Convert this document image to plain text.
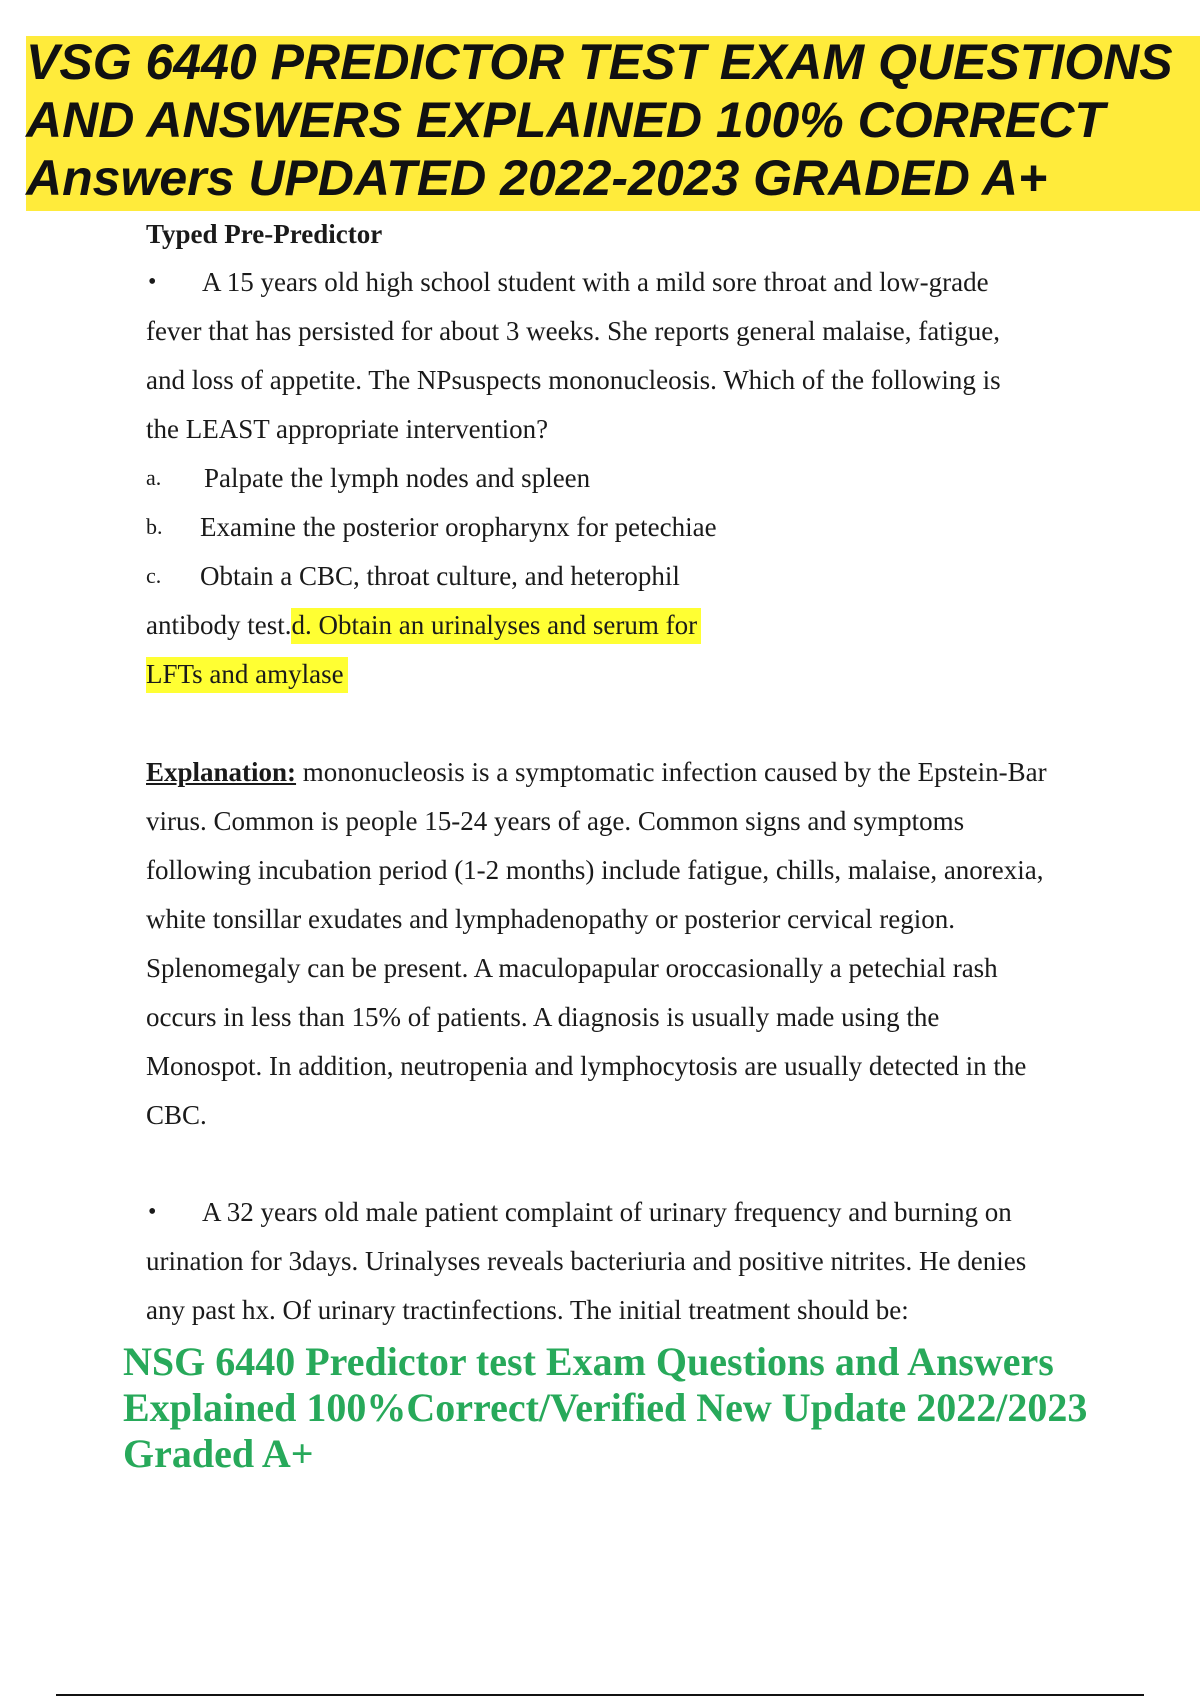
VSG 6440 PREDICTOR TEST EXAM QUESTIONS
AND ANSWERS EXPLAINED 100% CORRECT
Answers UPDATED 2022-2023 GRADED A+
Typed Pre-Predictor
• A 15 years old high school student with a mild sore throat and low-grade
fever that has persisted for about 3 weeks. She reports general malaise, fatigue,
and loss of appetite. The NPsuspects mononucleosis. Which of the following is
the LEAST appropriate intervention?
a. Palpate the lymph nodes and spleen
b. Examine the posterior oropharynx for petechiae
c. Obtain a CBC, throat culture, and heterophil
antibody test.d. Obtain an urinalyses and serum for
LFTs and amylase
Explanation: mononucleosis is a symptomatic infection caused by the Epstein-Bar
virus. Common is people 15-24 years of age. Common signs and symptoms
following incubation period (1-2 months) include fatigue, chills, malaise, anorexia,
white tonsillar exudates and lymphadenopathy or posterior cervical region.
Splenomegaly can be present. A maculopapular oroccasionally a petechial rash
occurs in less than 15% of patients. A diagnosis is usually made using the
Monospot. In addition, neutropenia and lymphocytosis are usually detected in the
CBC.
• A 32 years old male patient complaint of urinary frequency and burning on
urination for 3days. Urinalyses reveals bacteriuria and positive nitrites. He denies
any past hx. Of urinary tractinfections. The initial treatment should be:
NSG 6440 Predictor test Exam Questions and Answers
Explained 100%Correct/Verified New Update 2022/2023
Graded A+
